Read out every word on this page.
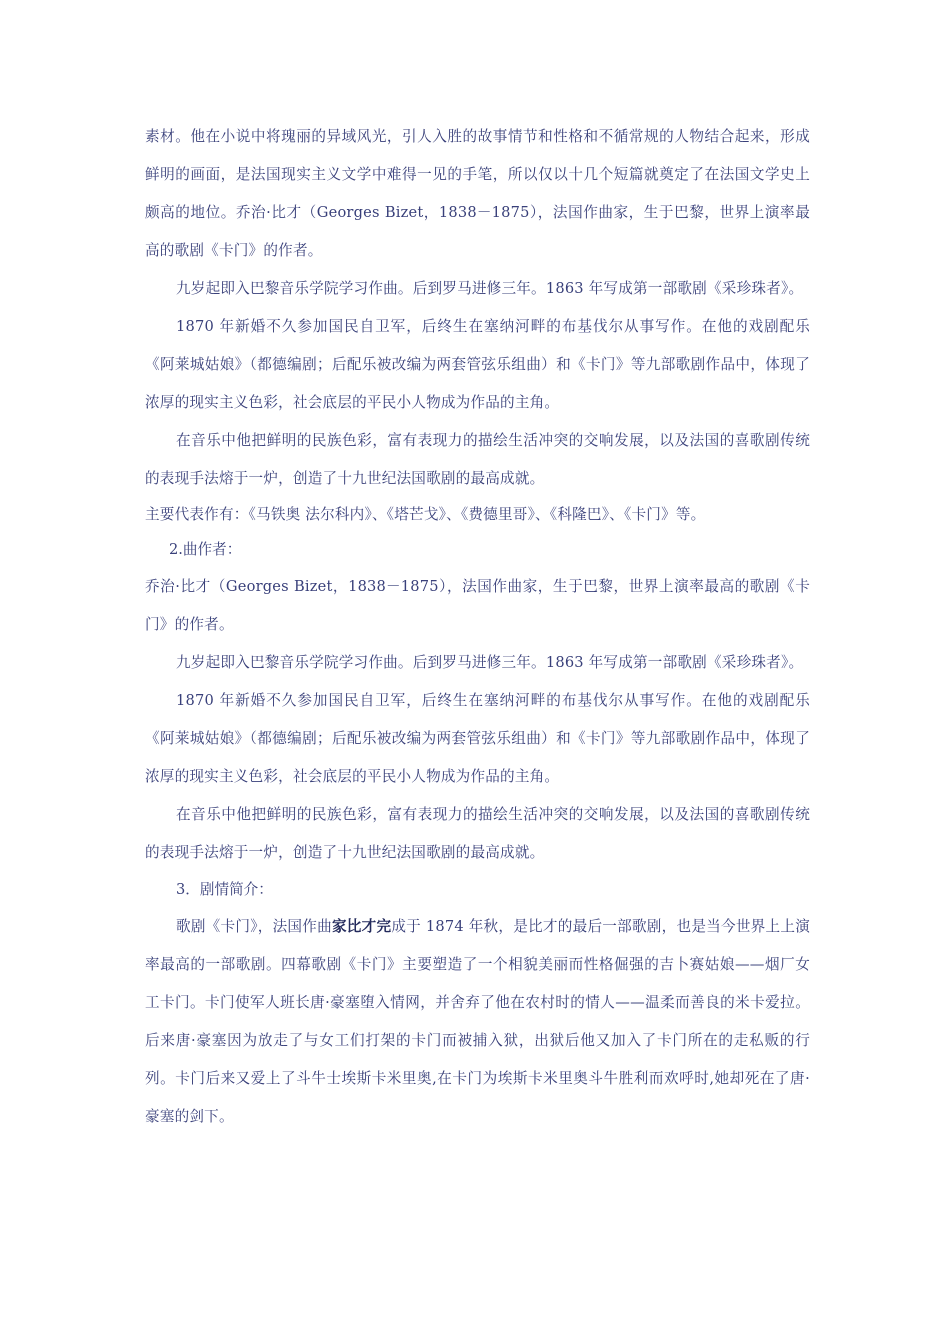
素材。他在小说中将瑰丽的异域风光，引人入胜的故事情节和性格和不循常规的人物结合起来，形成鲜明的画面，是法国现实主义文学中难得一见的手笔，所以仅以十几个短篇就奠定了在法国文学史上颇高的地位。乔治·比才（Georges Bizet，1838－1875），法国作曲家，生于巴黎，世界上演率最高的歌剧《卡门》的作者。

九岁起即入巴黎音乐学院学习作曲。后到罗马进修三年。1863 年写成第一部歌剧《采珍珠者》。

1870 年新婚不久参加国民自卫军，后终生在塞纳河畔的布基伐尔从事写作。在他的戏剧配乐《阿莱城姑娘》（都德编剧；后配乐被改编为两套管弦乐组曲）和《卡门》等九部歌剧作品中，体现了浓厚的现实主义色彩，社会底层的平民小人物成为作品的主角。

在音乐中他把鲜明的民族色彩，富有表现力的描绘生活冲突的交响发展，以及法国的喜歌剧传统的表现手法熔于一炉，创造了十九世纪法国歌剧的最高成就。

主要代表作有：《马铁奥 法尔科内》、《塔芒戈》、《费德里哥》、《科隆巴》、《卡门》等。

2.曲作者：

乔治·比才（Georges Bizet，1838－1875），法国作曲家，生于巴黎，世界上演率最高的歌剧《卡门》的作者。

九岁起即入巴黎音乐学院学习作曲。后到罗马进修三年。1863 年写成第一部歌剧《采珍珠者》。

1870 年新婚不久参加国民自卫军，后终生在塞纳河畔的布基伐尔从事写作。在他的戏剧配乐《阿莱城姑娘》（都德编剧；后配乐被改编为两套管弦乐组曲）和《卡门》等九部歌剧作品中，体现了浓厚的现实主义色彩，社会底层的平民小人物成为作品的主角。

在音乐中他把鲜明的民族色彩，富有表现力的描绘生活冲突的交响发展，以及法国的喜歌剧传统的表现手法熔于一炉，创造了十九世纪法国歌剧的最高成就。

3．剧情简介：

歌剧《卡门》，法国作曲家比才完成于 1874 年秋，是比才的最后一部歌剧，也是当今世界上上演率最高的一部歌剧。四幕歌剧《卡门》主要塑造了一个相貌美丽而性格倔强的吉卜赛姑娘——烟厂女工卡门。卡门使军人班长唐·豪塞堕入情网，并舍弃了他在农村时的情人——温柔而善良的米卡爱拉。后来唐·豪塞因为放走了与女工们打架的卡门而被捕入狱，出狱后他又加入了卡门所在的走私贩的行列。卡门后来又爱上了斗牛士埃斯卡米里奥,在卡门为埃斯卡米里奥斗牛胜利而欢呼时,她却死在了唐·豪塞的剑下。
